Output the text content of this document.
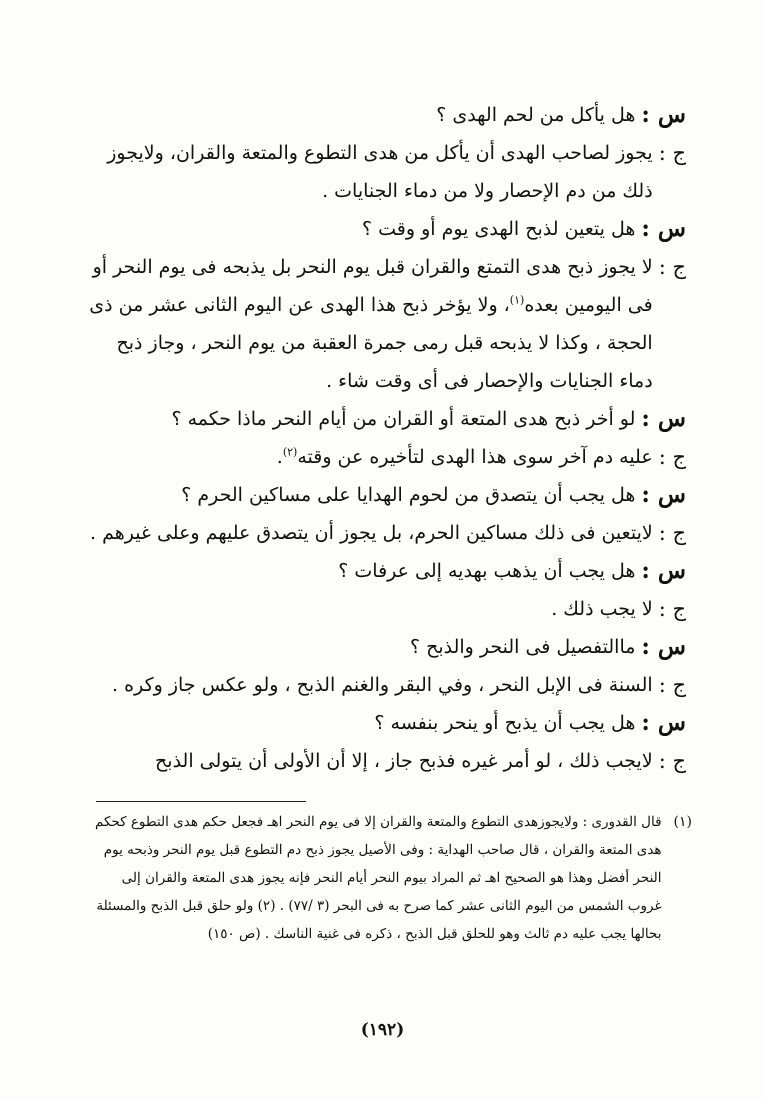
س :
هل يأكل من لحم الهدى ؟
ج :
يجوز لصاحب الهدى أن يأكل من هدى التطوع والمتعة والقران، ولايجوز ذلك من دم الإحصار ولا من دماء الجنايات .
س :
هل يتعين لذبح الهدى يوم أو وقت ؟
ج :
لا يجوز ذبح هدى التمتع والقران قبل يوم النحر بل يذبحه فى يوم النحر أو فى اليومين بعده$^{(١)}$، ولا يؤخر ذبح هذا الهدى عن اليوم الثانى عشر من ذى الحجة ، وكذا لا يذبحه قبل رمى جمرة العقبة من يوم النحر ، وجاز ذبح دماء الجنايات والإحصار فى أى وقت شاء .
س :
لو أخر ذبح هدى المتعة أو القران من أيام النحر ماذا حكمه ؟
ج :
عليه دم آخر سوى هذا الهدى لتأخيره عن وقته$^{(٢)}$.
س :
هل يجب أن يتصدق من لحوم الهدايا على مساكين الحرم ؟
ج :
لايتعين فى ذلك مساكين الحرم، بل يجوز أن يتصدق عليهم وعلى غيرهم .
س :
هل يجب أن يذهب بهديه إلى عرفات ؟
ج :
لا يجب ذلك .
س :
ماالتفصيل فى النحر والذبح ؟
ج :
السنة فى الإبل النحر ، وفي البقر والغنم الذبح ، ولو عكس جاز وكره .
س :
هل يجب أن يذبح أو ينحر بنفسه ؟
ج :
لايجب ذلك ، لو أمر غيره فذبح جاز ، إلا أن الأولى أن يتولى الذبح
(١)
قال القدورى : ولايجوزهدى التطوع والمتعة والقران إلا فى يوم النحر اهـ فجعل حكم هدى التطوع كحكم هدى المتعة والقران ، قال صاحب الهداية : وفى الأصيل يجوز ذبح دم التطوع قبل يوم النحر وذبحه يوم النحر أفضل وهذا هو الصحيح اهـ ثم المراد بيوم النحر أيام النحر فإنه يجوز هدى المتعة والقران إلى غروب الشمس من اليوم الثانى عشر كما صرح به فى البحر (٣ /٧٧) . (٢) ولو حلق قبل الذبح والمسئلة بحالها يجب عليه دم ثالث وهو للحلق قبل الذبح ، ذكره فى غنية الناسك . (ص ١٥٠)
(١٩٢)
